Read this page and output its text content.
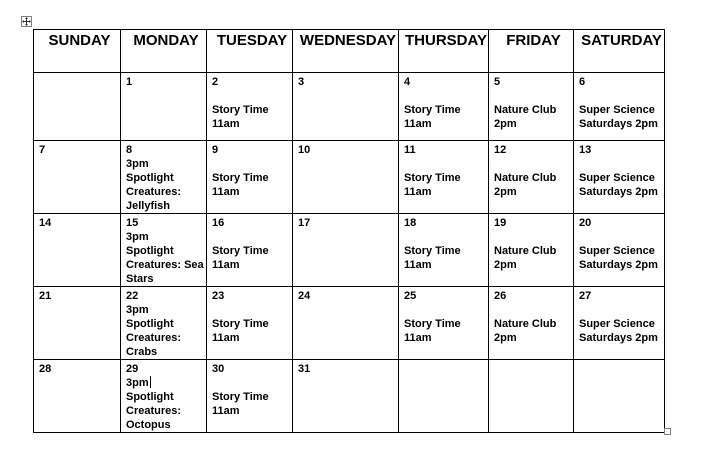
SUNDAY	MONDAY	TUESDAY	WEDNESDAY	THURSDAY	FRIDAY	SATURDAY

	1	2
Story Time
11am	3	4
Story Time
11am	5
Nature Club
2pm	6
Super Science
Saturdays 2pm

7	8
3pm
Spotlight
Creatures:
Jellyfish	9
Story Time
11am	10	11
Story Time
11am	12
Nature Club
2pm	13
Super Science
Saturdays 2pm

14	15
3pm
Spotlight
Creatures: Sea
Stars	16
Story Time
11am	17	18
Story Time
11am	19
Nature Club
2pm	20
Super Science
Saturdays 2pm

21	22
3pm
Spotlight
Creatures:
Crabs	23
Story Time
11am	24	25
Story Time
11am	26
Nature Club
2pm	27
Super Science
Saturdays 2pm

28	29
3pm
Spotlight
Creatures:
Octopus	30
Story Time
11am	31			
